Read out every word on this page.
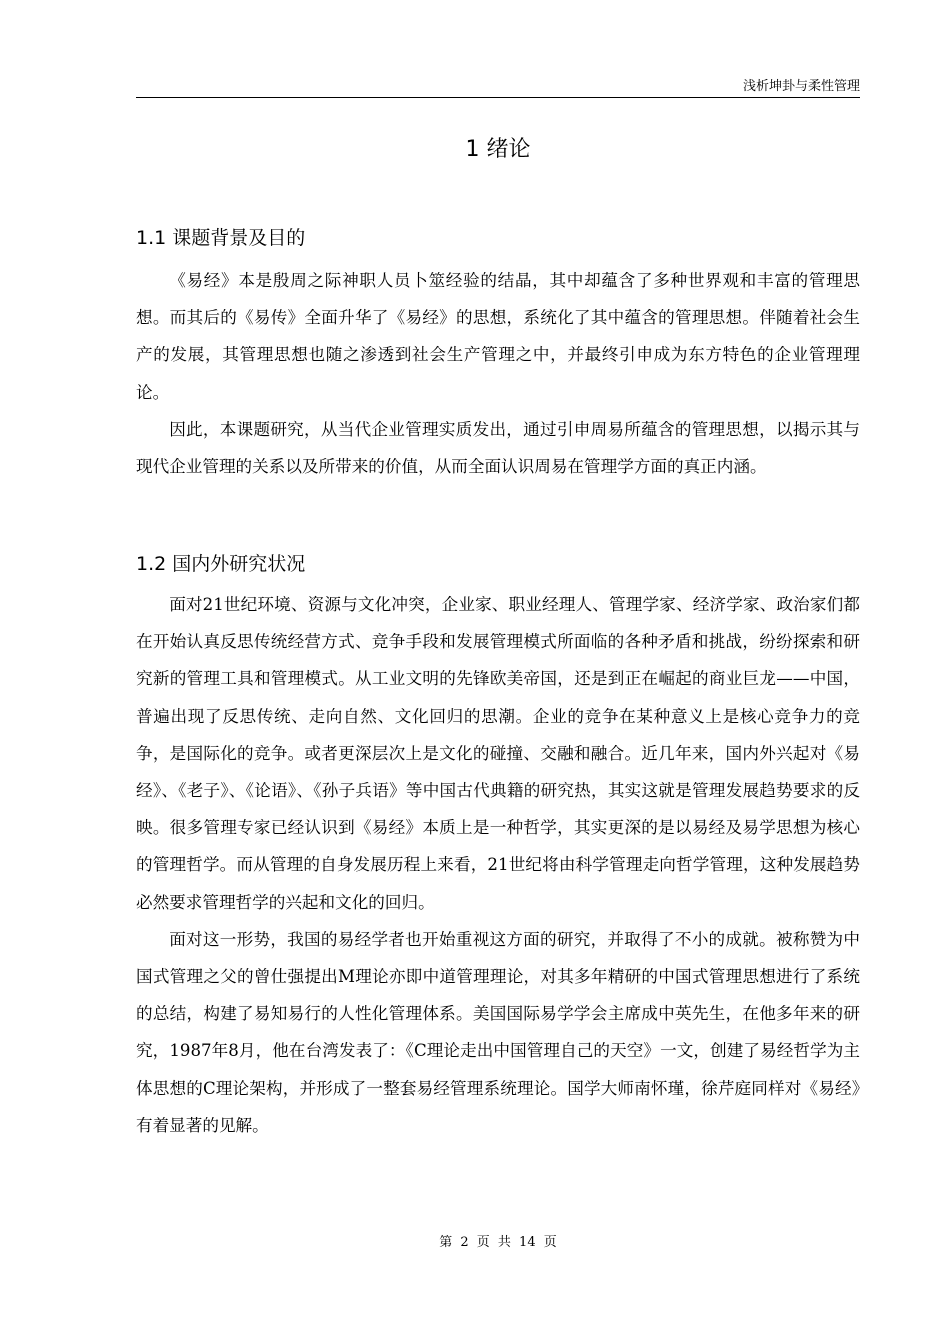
浅析坤卦与柔性管理
1 绪论
1.1 课题背景及目的

《易经》本是殷周之际神职人员卜筮经验的结晶，其中却蕴含了多种世界观和丰富的管理思想。而其后的《易传》全面升华了《易经》的思想，系统化了其中蕴含的管理思想。伴随着社会生产的发展，其管理思想也随之渗透到社会生产管理之中，并最终引申成为东方特色的企业管理理论。

因此，本课题研究，从当代企业管理实质发出，通过引申周易所蕴含的管理思想，以揭示其与现代企业管理的关系以及所带来的价值，从而全面认识周易在管理学方面的真正内涵。

1.2 国内外研究状况

面对21世纪环境、资源与文化冲突，企业家、职业经理人、管理学家、经济学家、政治家们都在开始认真反思传统经营方式、竞争手段和发展管理模式所面临的各种矛盾和挑战，纷纷探索和研究新的管理工具和管理模式。从工业文明的先锋欧美帝国，还是到正在崛起的商业巨龙——中国，普遍出现了反思传统、走向自然、文化回归的思潮。企业的竞争在某种意义上是核心竞争力的竞争，是国际化的竞争。或者更深层次上是文化的碰撞、交融和融合。近几年来，国内外兴起对《易经》、《老子》、《论语》、《孙子兵语》等中国古代典籍的研究热，其实这就是管理发展趋势要求的反映。很多管理专家已经认识到《易经》本质上是一种哲学，其实更深的是以易经及易学思想为核心的管理哲学。而从管理的自身发展历程上来看，21世纪将由科学管理走向哲学管理，这种发展趋势必然要求管理哲学的兴起和文化的回归。

面对这一形势，我国的易经学者也开始重视这方面的研究，并取得了不小的成就。被称赞为中国式管理之父的曾仕强提出M理论亦即中道管理理论，对其多年精研的中国式管理思想进行了系统的总结，构建了易知易行的人性化管理体系。美国国际易学学会主席成中英先生，在他多年来的研究，1987年8月，他在台湾发表了：《C理论走出中国管理自己的天空》一文，创建了易经哲学为主体思想的C理论架构，并形成了一整套易经管理系统理论。国学大师南怀瑾，徐芹庭同样对《易经》有着显著的见解。

第 2 页 共 14 页
